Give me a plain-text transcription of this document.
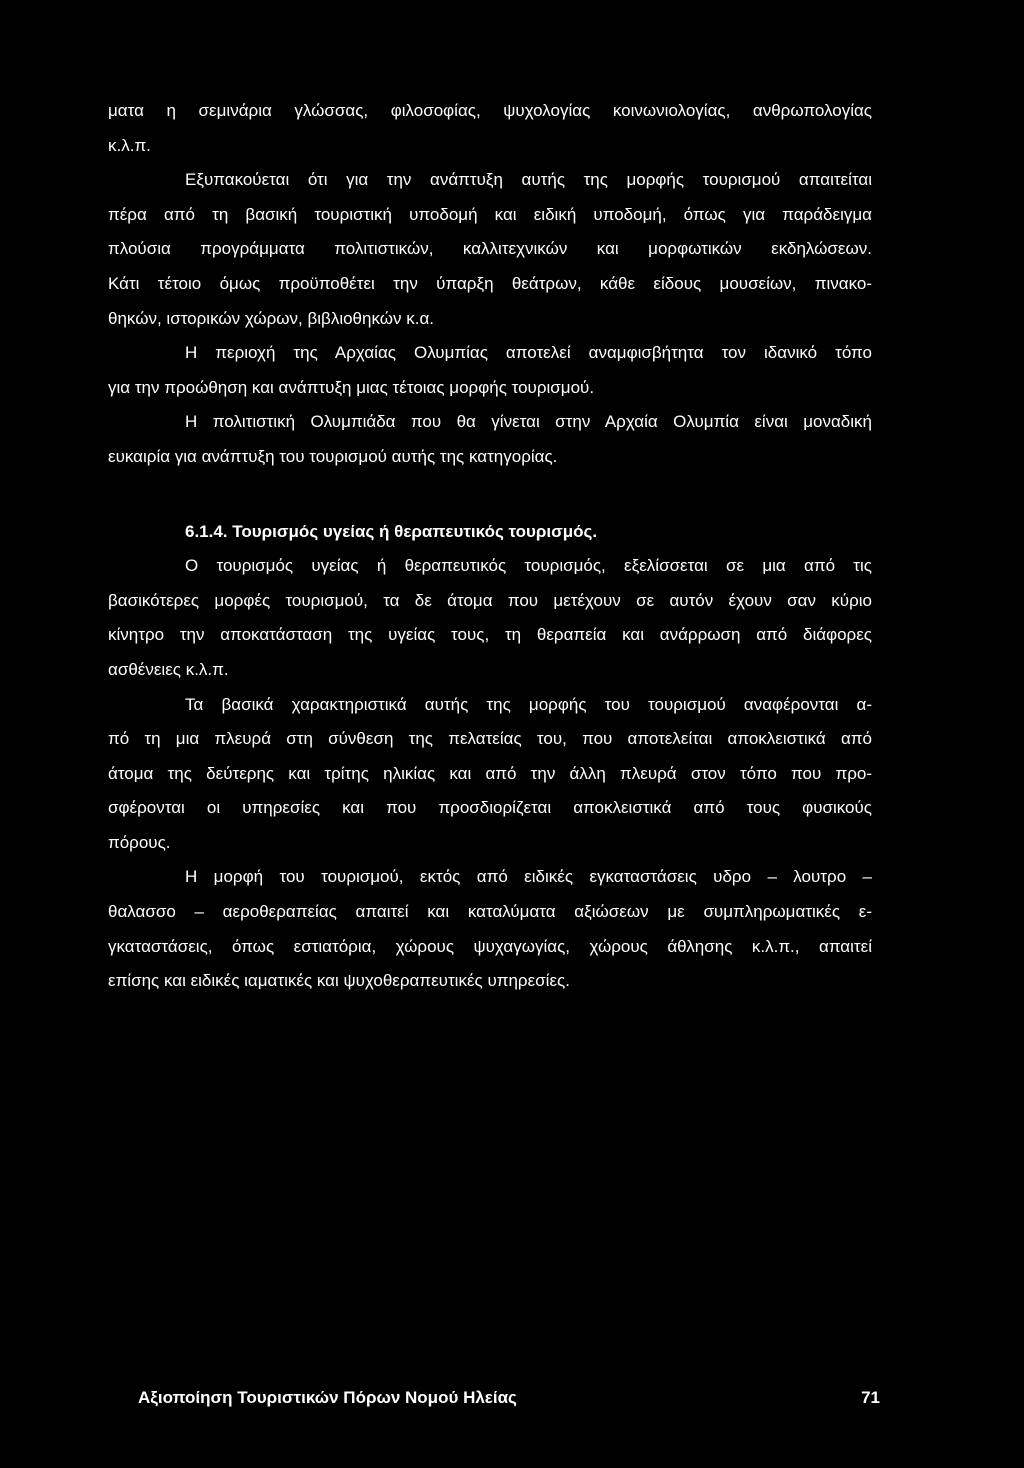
ματα η σεμινάρια γλώσσας, φιλοσοφίας, ψυχολογίας κοινωνιολογίας, ανθρωπολογίας
κ.λ.π.
Εξυπακούεται ότι για την ανάπτυξη αυτής της μορφής τουρισμού απαιτείται
πέρα από τη βασική τουριστική υποδομή και ειδική υποδομή, όπως για παράδειγμα
πλούσια προγράμματα πολιτιστικών, καλλιτεχνικών και μορφωτικών εκδηλώσεων.
Κάτι τέτοιο όμως προϋποθέτει την ύπαρξη θεάτρων, κάθε είδους μουσείων, πινακο-
θηκών, ιστορικών χώρων, βιβλιοθηκών κ.α.
Η περιοχή της Αρχαίας Ολυμπίας αποτελεί αναμφισβήτητα τον ιδανικό τόπο
για την προώθηση και ανάπτυξη μιας τέτοιας μορφής τουρισμού.
Η πολιτιστική Ολυμπιάδα που θα γίνεται στην Αρχαία Ολυμπία είναι μοναδική
ευκαιρία για ανάπτυξη του τουρισμού αυτής της κατηγορίας.
6.1.4. Τουρισμός υγείας ή θεραπευτικός τουρισμός.
Ο τουρισμός υγείας ή θεραπευτικός τουρισμός, εξελίσσεται σε μια από τις
βασικότερες μορφές τουρισμού, τα δε άτομα που μετέχουν σε αυτόν έχουν σαν κύριο
κίνητρο την αποκατάσταση της υγείας τους, τη θεραπεία και ανάρρωση από διάφορες
ασθένειες κ.λ.π.
Τα βασικά χαρακτηριστικά αυτής της μορφής του τουρισμού αναφέρονται α-
πό τη μια πλευρά στη σύνθεση της πελατείας του, που αποτελείται αποκλειστικά από
άτομα της δεύτερης και τρίτης ηλικίας και από την άλλη πλευρά στον τόπο που προ-
σφέρονται οι υπηρεσίες και που προσδιορίζεται αποκλειστικά από τους φυσικούς
πόρους.
Η μορφή του τουρισμού, εκτός από ειδικές εγκαταστάσεις υδρο – λουτρο –
θαλασσο – αεροθεραπείας απαιτεί και καταλύματα αξιώσεων με συμπληρωματικές ε-
γκαταστάσεις, όπως εστιατόρια, χώρους ψυχαγωγίας, χώρους άθλησης κ.λ.π., απαιτεί
επίσης και ειδικές ιαματικές και ψυχοθεραπευτικές υπηρεσίες.
Αξιοποίηση Τουριστικών Πόρων Νομού Ηλείας	71
